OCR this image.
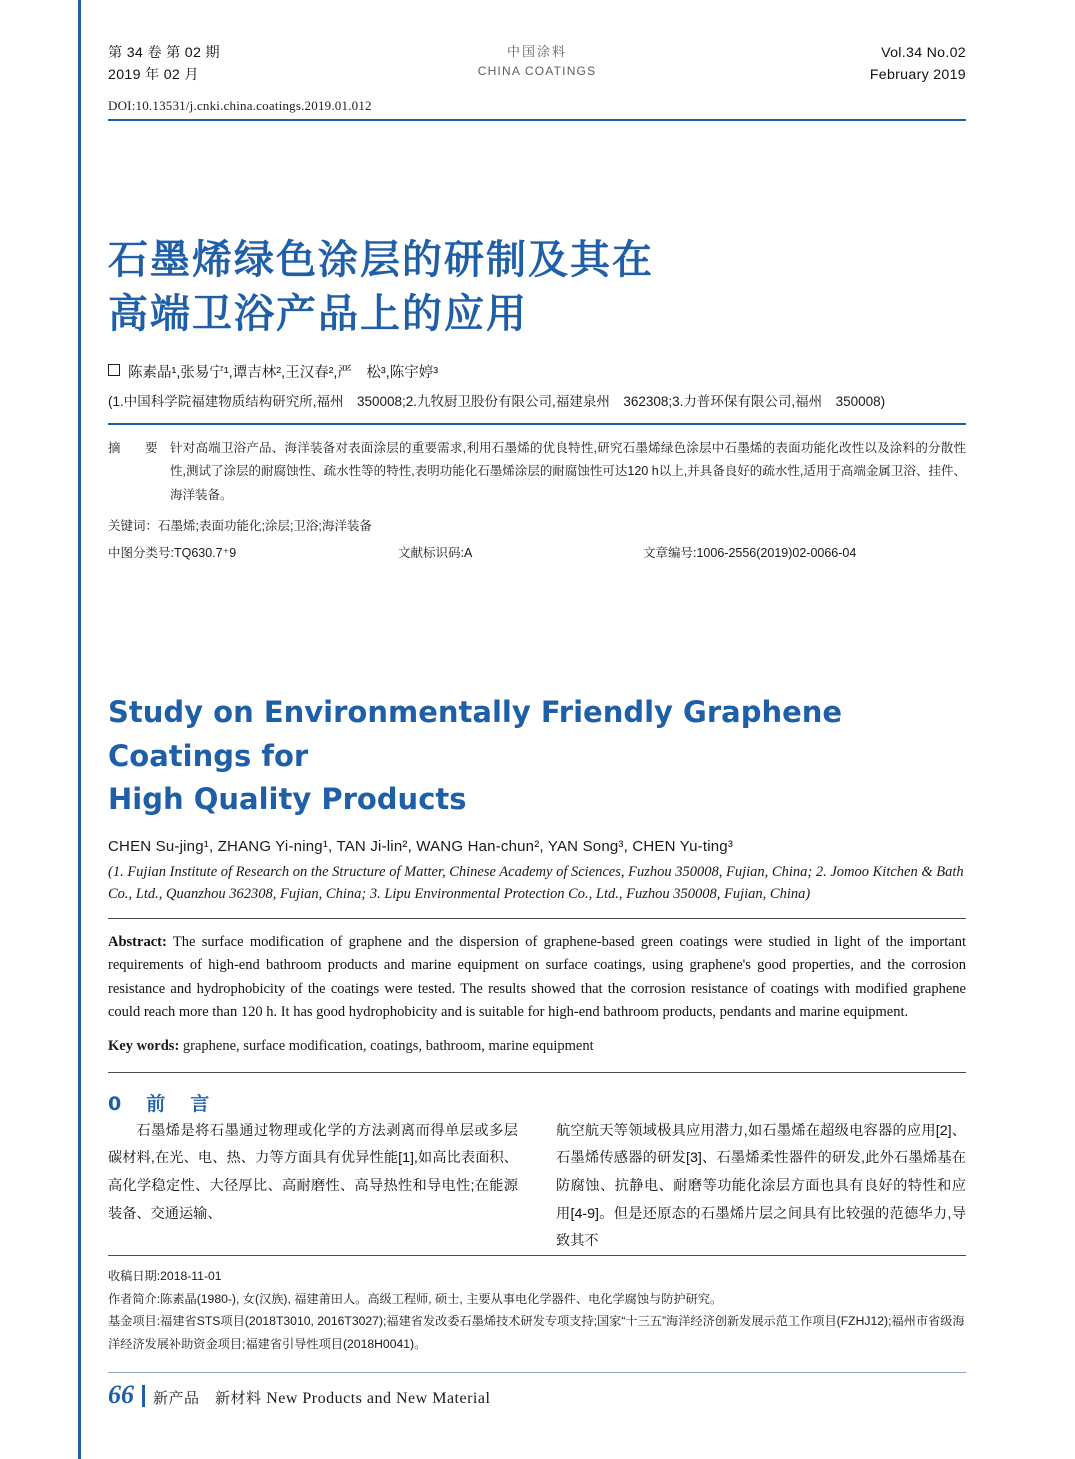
第 34 卷 第 02 期
2019 年 02 月
中国涂料
CHINA COATINGS
Vol.34 No.02
February 2019
DOI:10.13531/j.cnki.china.coatings.2019.01.012
石墨烯绿色涂层的研制及其在
高端卫浴产品上的应用
陈素晶¹,张易宁¹,谭吉林²,王汉春²,严　松³,陈宇婷³
(1.中国科学院福建物质结构研究所,福州　350008;2.九牧厨卫股份有限公司,福建泉州　362308;3.力普环保有限公司,福州　350008)
摘　要 针对高端卫浴产品、海洋装备对表面涂层的重要需求,利用石墨烯的优良特性,研究石墨烯绿色涂层中石墨烯的表面功能化改性以及涂料的分散性性,测试了涂层的耐腐蚀性、疏水性等的特性,表明功能化石墨烯涂层的耐腐蚀性可达120 h以上,并具备良好的疏水性,适用于高端金属卫浴、挂件、海洋装备。
关键词：石墨烯;表面功能化;涂层;卫浴;海洋装备
中图分类号:TQ630.7⁺9	文献标识码:A	文章编号:1006-2556(2019)02-0066-04
Study on Environmentally Friendly Graphene Coatings for
High Quality Products
CHEN Su-jing¹, ZHANG Yi-ning¹, TAN Ji-lin², WANG Han-chun², YAN Song³, CHEN Yu-ting³
(1. Fujian Institute of Research on the Structure of Matter, Chinese Academy of Sciences, Fuzhou 350008, Fujian, China; 2. Jomoo Kitchen & Bath Co., Ltd., Quanzhou 362308, Fujian, China; 3. Lipu Environmental Protection Co., Ltd., Fuzhou 350008, Fujian, China)
Abstract: The surface modification of graphene and the dispersion of graphene-based green coatings were studied in light of the important requirements of high-end bathroom products and marine equipment on surface coatings, using graphene's good properties, and the corrosion resistance and hydrophobicity of the coatings were tested. The results showed that the corrosion resistance of coatings with modified graphene could reach more than 120 h. It has good hydrophobicity and is suitable for high-end bathroom products, pendants and marine equipment.
Key words: graphene, surface modification, coatings, bathroom, marine equipment
0　前　言

石墨烯是将石墨通过物理或化学的方法剥离而得单层或多层碳材料,在光、电、热、力等方面具有优异性能[1],如高比表面积、高化学稳定性、大径厚比、高耐磨性、高导热性和导电性;在能源装备、交通运输、

航空航天等领域极具应用潜力,如石墨烯在超级电容器的应用[2]、石墨烯传感器的研发[3]、石墨烯柔性器件的研发,此外石墨烯基在防腐蚀、抗静电、耐磨等功能化涂层方面也具有良好的特性和应用[4-9]。但是还原态的石墨烯片层之间具有比较强的范德华力,导致其不

收稿日期:2018-11-01

作者简介:陈素晶(1980-), 女(汉族), 福建莆田人。高级工程师, 硕士, 主要从事电化学器件、电化学腐蚀与防护研究。

基金项目:福建省STS项目(2018T3010, 2016T3027);福建省发改委石墨烯技术研发专项支持;国家“十三五”海洋经济创新发展示范工作项目(FZHJ12);福州市省级海洋经济发展补助资金项目;福建省引导性项目(2018H0041)。

66 新产品　新材料 New Products and New Material
